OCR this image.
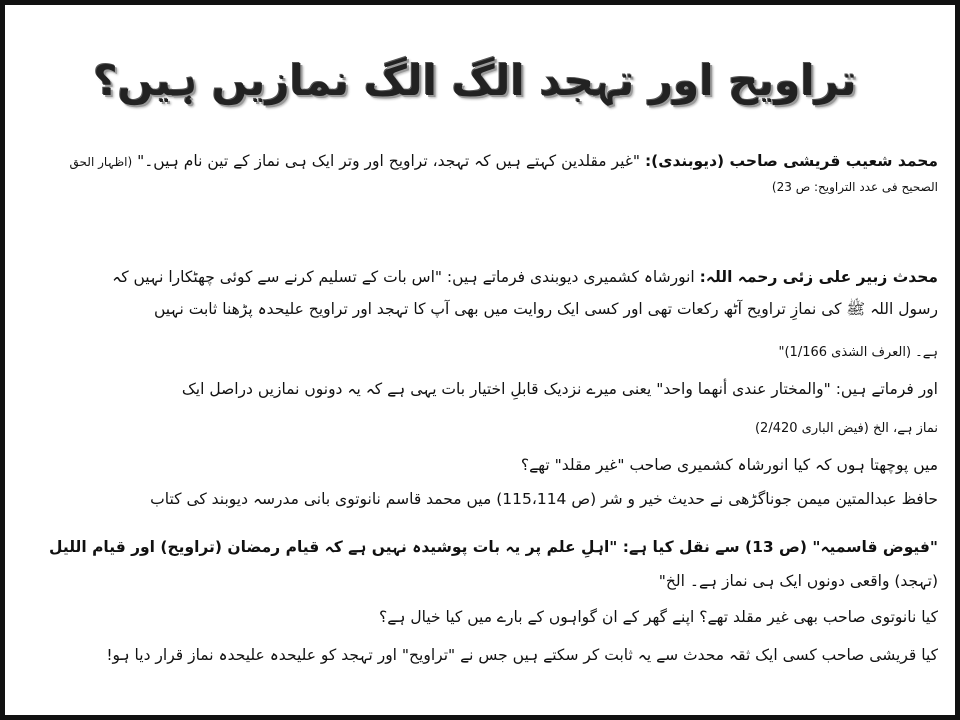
تراویح اور تہجد الگ الگ نمازیں ہیں؟
محمد شعیب قریشی صاحب (دیوبندی): "غیر مقلدین کہتے ہیں کہ تہجد، تراویح اور وتر ایک ہی نماز کے تین نام ہیں۔" (اظہار الحق
الصحیح فی عدد التراویح: ص 23)
محدث زبیر علی زئی رحمہ اللہ: انورشاہ کشمیری دیوبندی فرماتے ہیں: "اس بات کے تسلیم کرنے سے کوئی چھٹکارا نہیں کہ
رسول اللہ ﷺ کی نمازِ تراویح آٹھ رکعات تھی اور کسی ایک روایت میں بھی آپ کا تہجد اور تراویح علیحدہ پڑھنا ثابت نہیں
ہے۔ (العرف الشذی 1/166)"
اور فرماتے ہیں: "والمختار عندی أنهما واحد" یعنی میرے نزدیک قابلِ اختیار بات یہی ہے کہ یہ دونوں نمازیں دراصل ایک
نماز ہے، الخ (فیض الباری 2/420)
میں پوچھتا ہوں کہ کیا انورشاہ کشمیری صاحب "غیر مقلد" تھے؟
حافظ عبدالمتین میمن جوناگڑھی نے حدیث خیر و شر (ص 115،114) میں محمد قاسم نانوتوی بانی مدرسہ دیوبند کی کتاب
"فیوض قاسمیہ" (ص 13) سے نقل کیا ہے: "اہلِ علم پر یہ بات پوشیدہ نہیں ہے کہ قیام رمضان (تراویح) اور قیام اللیل
(تہجد) واقعی دونوں ایک ہی نماز ہے۔ الخ"
کیا نانوتوی صاحب بھی غیر مقلد تھے؟ اپنے گھر کے ان گواہوں کے بارے میں کیا خیال ہے؟
کیا قریشی صاحب کسی ایک ثقہ محدث سے یہ ثابت کر سکتے ہیں جس نے "تراویح" اور تہجد کو علیحدہ علیحدہ نماز قرار دیا ہو!
